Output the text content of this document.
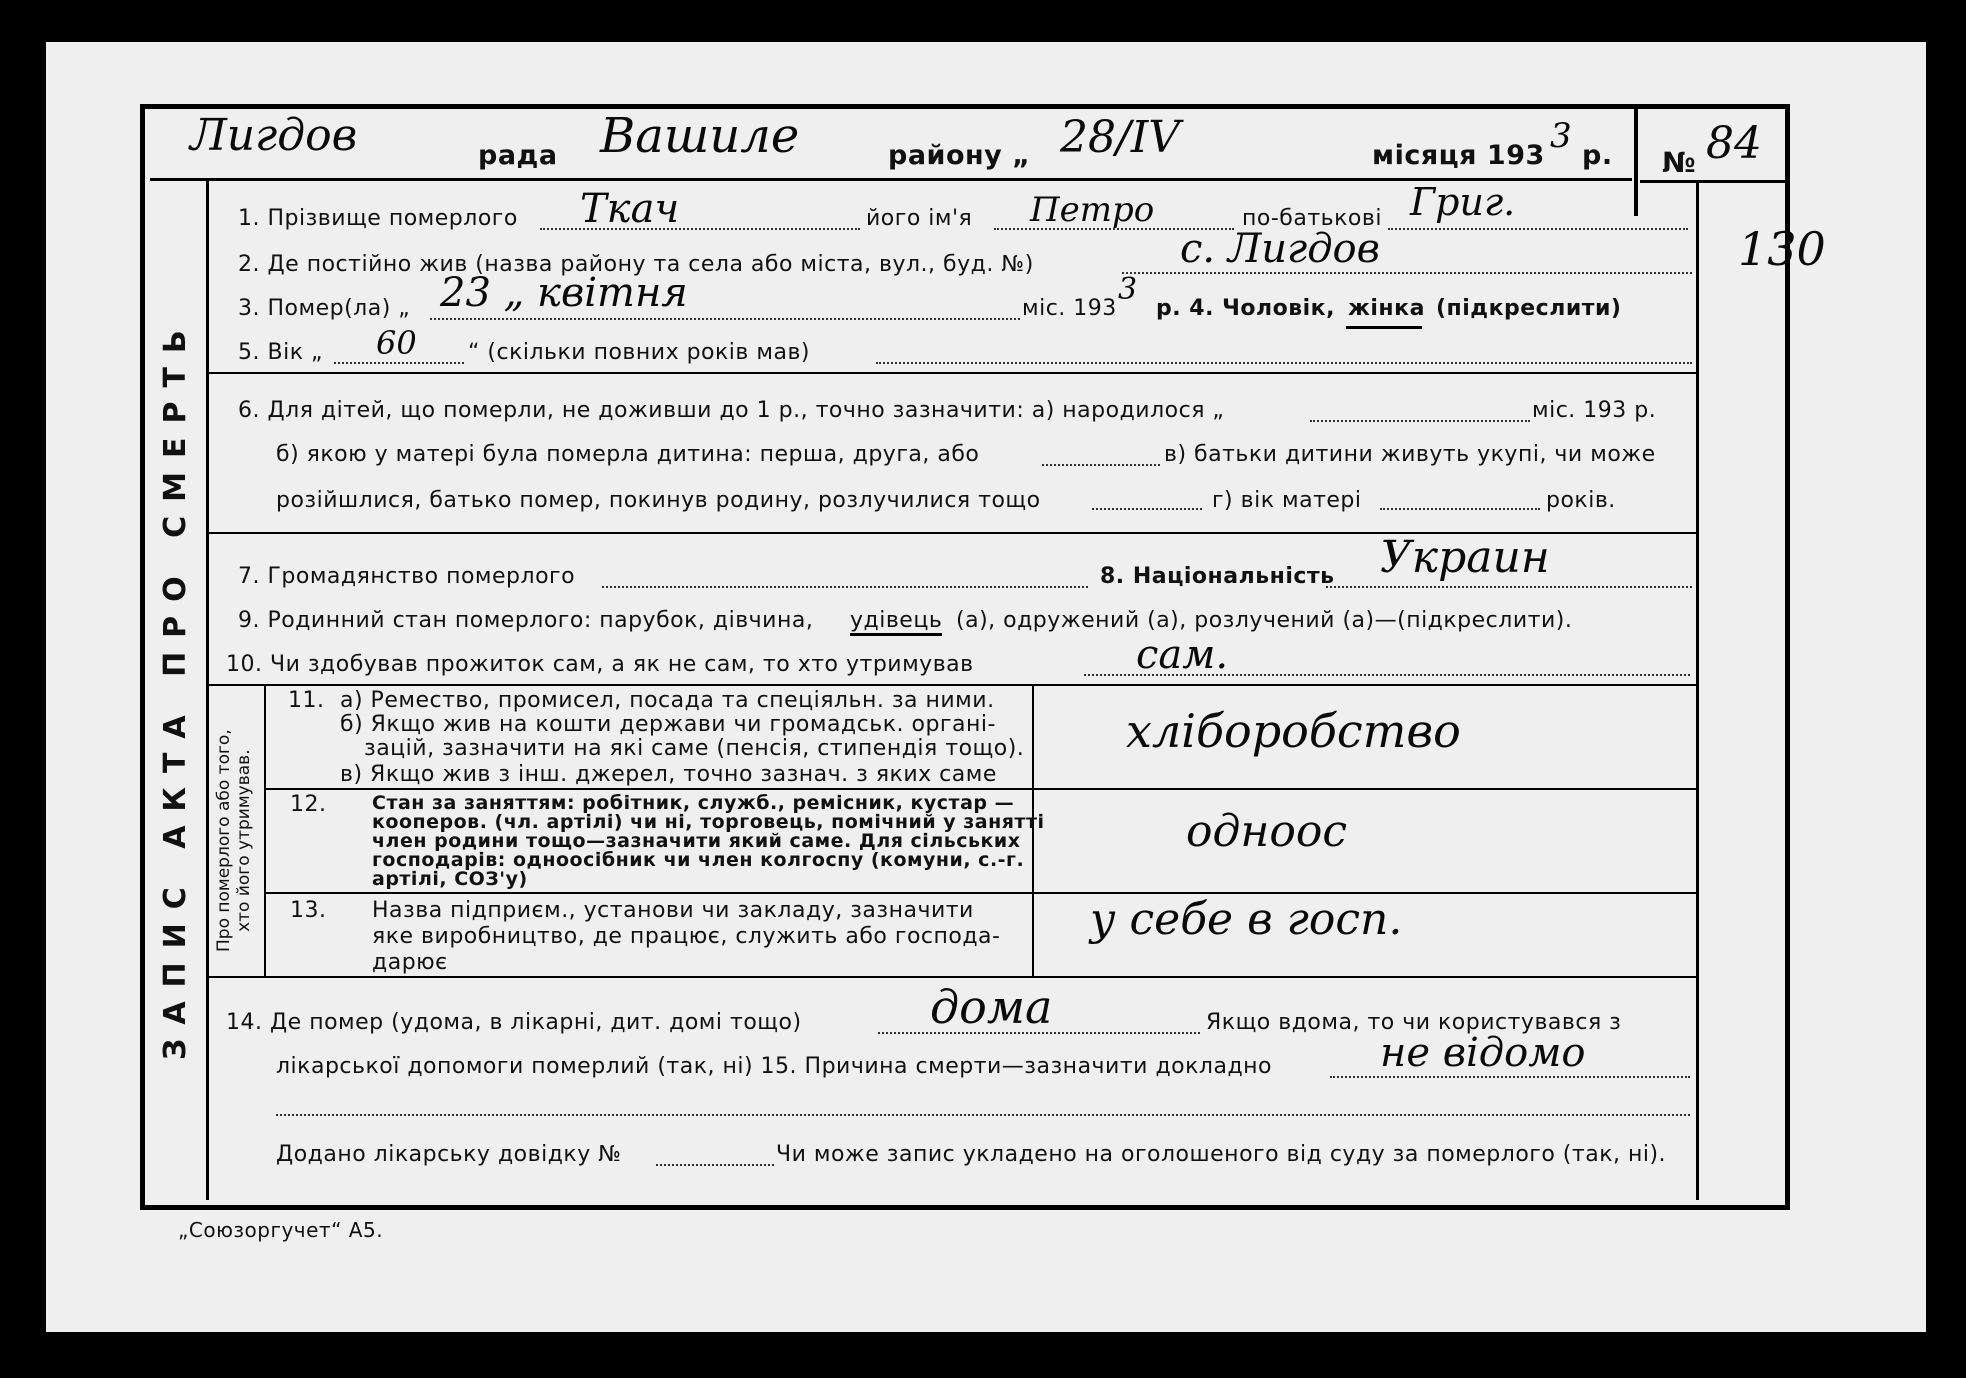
ЗАПИС АКТА ПРО СМЕРТЬ
Лигдов	рада Вашиле	району „ 28/IV	місяця 193 3 р. № 84
130
1. Прізвище померлого Ткач	його ім'я Петро	по-батькові Григ.
2. Де постійно жив (назва району та села або міста, вул., буд. №)	с. Лигдов
3. Помер(ла) „ 23 „ квітня	міс. 193
3
р. 4. Чоловік, жінка (підкреслити)
5. Вік „ 60 “ (скільки повних років мав)
6. Для дітей, що померли, не доживши до 1 р., точно зазначити: а) народилося „	міс. 193 р.
б) якою у матері була померла дитина: перша, друга, або	в) батьки дитини живуть укупі, чи може
розійшлися, батько помер, покинув родину, розлучилися тощо	г) вік матері	років.
7. Громадянство померлого	8. Національність Украин
9. Родинний стан померлого: парубок, дівчина, удівець (а), одружений (а), розлучений (а)—(підкреслити).
10. Чи здобував прожиток сам, а як не сам, то хто утримував	сам.
Про померлого або того,
хто його утримував.
11. а) Ремество, промисел, посада та спеціяльн. за ними.
б) Якщо жив на кошти держави чи громадськ. органі-
зацій, зазначити на які саме (пенсія, стипендія тощо).
в) Якщо жив з інш. джерел, точно зазнач. з яких саме
хліборобство
12. Стан за заняттям: робітник, служб., ремісник, кустар —
кооперов. (чл. артілі) чи ні, торговець, помічний у занятті
член родини тощо—зазначити який саме. Для сільських
господарів: одноосібник чи член колгоспу (комуни, с.-г.
артілі, СОЗ'у)
одноос
13. Назва підприєм., установи чи закладу, зазначити
яке виробництво, де працює, служить або господа-
дарює
у себе в госп.
14. Де помер (удома, в лікарні, дит. домі тощо)	дома	Якщо вдома, то чи користувався з
лікарської допомоги померлий (так, ні) 15. Причина смерти—зазначити докладно	не відомо
Додано лікарську довідку №	Чи може запис укладено на оголошеного від суду за померлого (так, ні).
„Союзоргучет“ А5.
